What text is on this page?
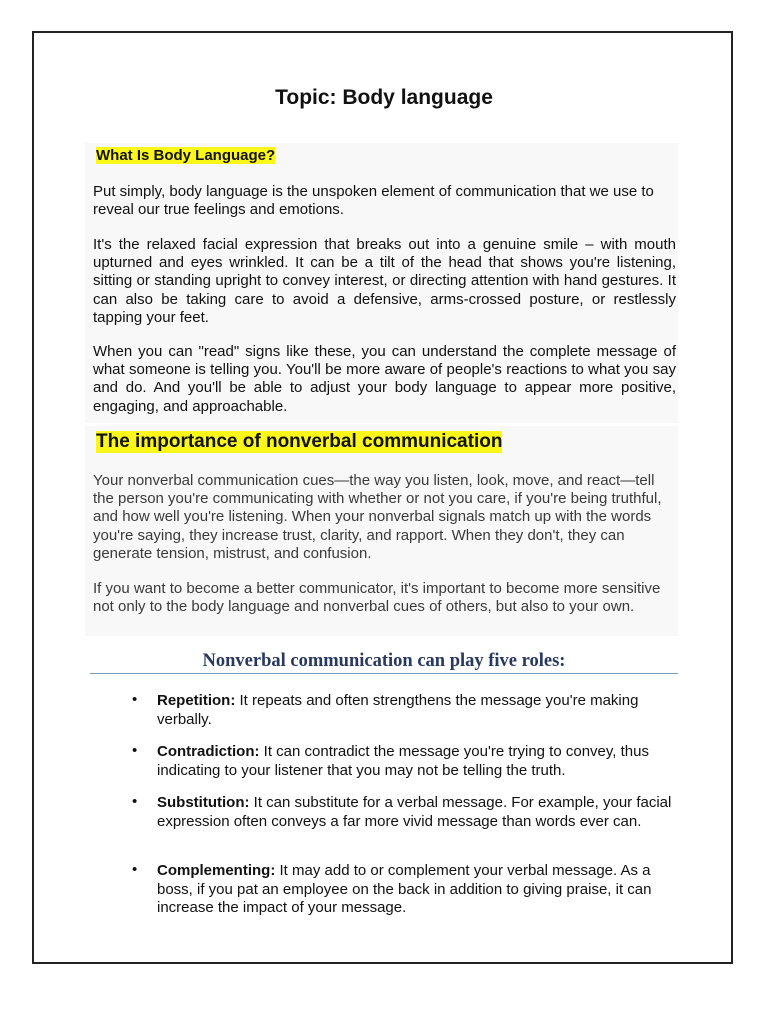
Topic: Body language
What Is Body Language?

Put simply, body language is the unspoken element of communication that we use to reveal our true feelings and emotions.

It's the relaxed facial expression that breaks out into a genuine smile – with mouth upturned and eyes wrinkled. It can be a tilt of the head that shows you're listening, sitting or standing upright to convey interest, or directing attention with hand gestures. It can also be taking care to avoid a defensive, arms-crossed posture, or restlessly tapping your feet.

When you can "read" signs like these, you can understand the complete message of what someone is telling you. You'll be more aware of people's reactions to what you say and do. And you'll be able to adjust your body language to appear more positive, engaging, and approachable.

The importance of nonverbal communication

Your nonverbal communication cues—the way you listen, look, move, and react—tell the person you're communicating with whether or not you care, if you're being truthful, and how well you're listening. When your nonverbal signals match up with the words you're saying, they increase trust, clarity, and rapport. When they don't, they can generate tension, mistrust, and confusion.

If you want to become a better communicator, it's important to become more sensitive not only to the body language and nonverbal cues of others, but also to your own.

Nonverbal communication can play five roles:
• Repetition: It repeats and often strengthens the message you're making verbally.
• Contradiction: It can contradict the message you're trying to convey, thus indicating to your listener that you may not be telling the truth.
• Substitution: It can substitute for a verbal message. For example, your facial expression often conveys a far more vivid message than words ever can.
• Complementing: It may add to or complement your verbal message. As a boss, if you pat an employee on the back in addition to giving praise, it can increase the impact of your message.
